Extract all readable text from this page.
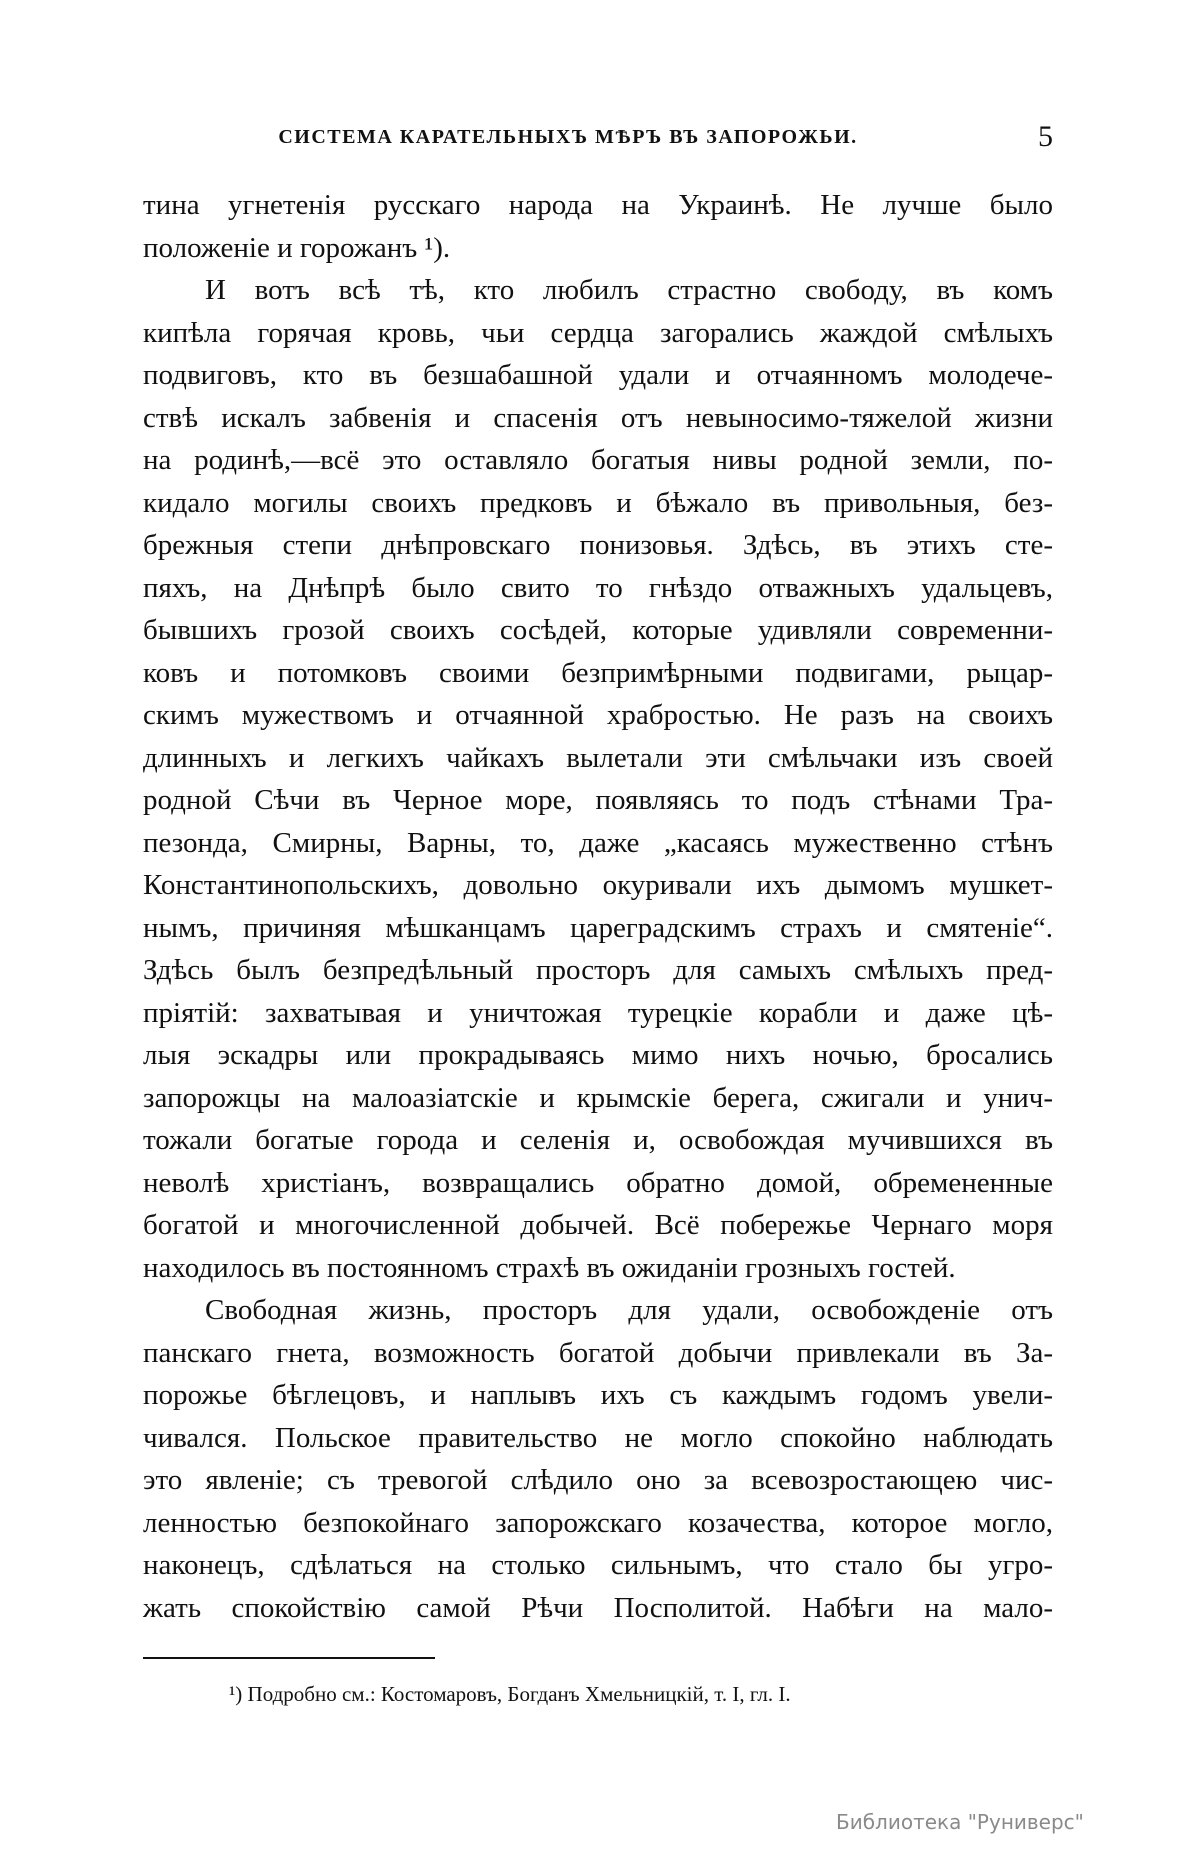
СИСТЕМА КАРАТЕЛЬНЫХЪ МѢРЪ ВЪ ЗАПОРОЖЬИ.	5
тина угнетенія русскаго народа на Украинѣ. Не лучше было
положеніе и горожанъ ¹).
И вотъ всѣ тѣ, кто любилъ страстно свободу, въ комъ
кипѣла горячая кровь, чьи сердца загорались жаждой смѣлыхъ
подвиговъ, кто въ безшабашной удали и отчаянномъ молодече-
ствѣ искалъ забвенія и спасенія отъ невыносимо-тяжелой жизни
на родинѣ,—всё это оставляло богатыя нивы родной земли, по-
кидало могилы своихъ предковъ и бѣжало въ привольныя, без-
брежныя степи днѣпровскаго понизовья. Здѣсь, въ этихъ сте-
пяхъ, на Днѣпрѣ было свито то гнѣздо отважныхъ удальцевъ,
бывшихъ грозой своихъ сосѣдей, которые удивляли современни-
ковъ и потомковъ своими безпримѣрными подвигами, рыцар-
скимъ мужествомъ и отчаянной храбростью. Не разъ на своихъ
длинныхъ и легкихъ чайкахъ вылетали эти смѣльчаки изъ своей
родной Сѣчи въ Черное море, появляясь то подъ стѣнами Тра-
пезонда, Смирны, Варны, то, даже „касаясь мужественно стѣнъ
Константинопольскихъ, довольно окуривали ихъ дымомъ мушкет-
нымъ, причиняя мѣшканцамъ цареградскимъ страхъ и смятеніе“.
Здѣсь былъ безпредѣльный просторъ для самыхъ смѣлыхъ пред-
пріятій: захватывая и уничтожая турецкіе корабли и даже цѣ-
лыя эскадры или прокрадываясь мимо нихъ ночью, бросались
запорожцы на малоазіатскіе и крымскіе берега, сжигали и унич-
тожали богатые города и селенія и, освобождая мучившихся въ
неволѣ христіанъ, возвращались обратно домой, обремененные
богатой и многочисленной добычей. Всё побережье Чернаго моря
находилось въ постоянномъ страхѣ въ ожиданіи грозныхъ гостей.
Свободная жизнь, просторъ для удали, освобожденіе отъ
панскаго гнета, возможность богатой добычи привлекали въ За-
порожье бѣглецовъ, и наплывъ ихъ съ каждымъ годомъ увели-
чивался. Польское правительство не могло спокойно наблюдать
это явленіе; съ тревогой слѣдило оно за всевозростающею чис-
ленностью безпокойнаго запорожскаго козачества, которое могло,
наконецъ, сдѣлаться на столько сильнымъ, что стало бы угро-
жать спокойствію самой Рѣчи Посполитой. Набѣги на мало-
¹) Подробно см.: Костомаровъ, Богданъ Хмельницкій, т. I, гл. I.
Библиотека "Руниверс"
